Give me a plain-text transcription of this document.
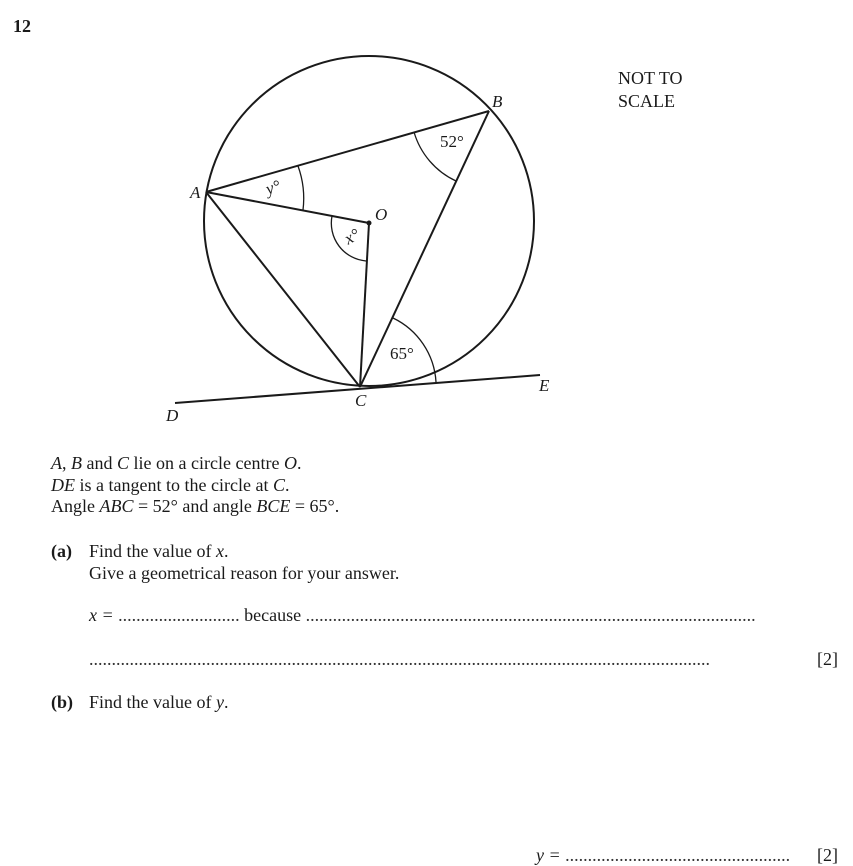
12
NOT TO
SCALE
A
B
O
C
D
E
52°
65°
x°
y°
A, B and C lie on a circle centre O.
DE is a tangent to the circle at C.
Angle ABC = 52° and angle BCE = 65°.
(a) Find the value of x.
Give a geometrical reason for your answer.
x = ........................... because ....................................................................................................
..........................................................................................................................................	[2]
(b) Find the value of y.
y = .................................................. [2]
